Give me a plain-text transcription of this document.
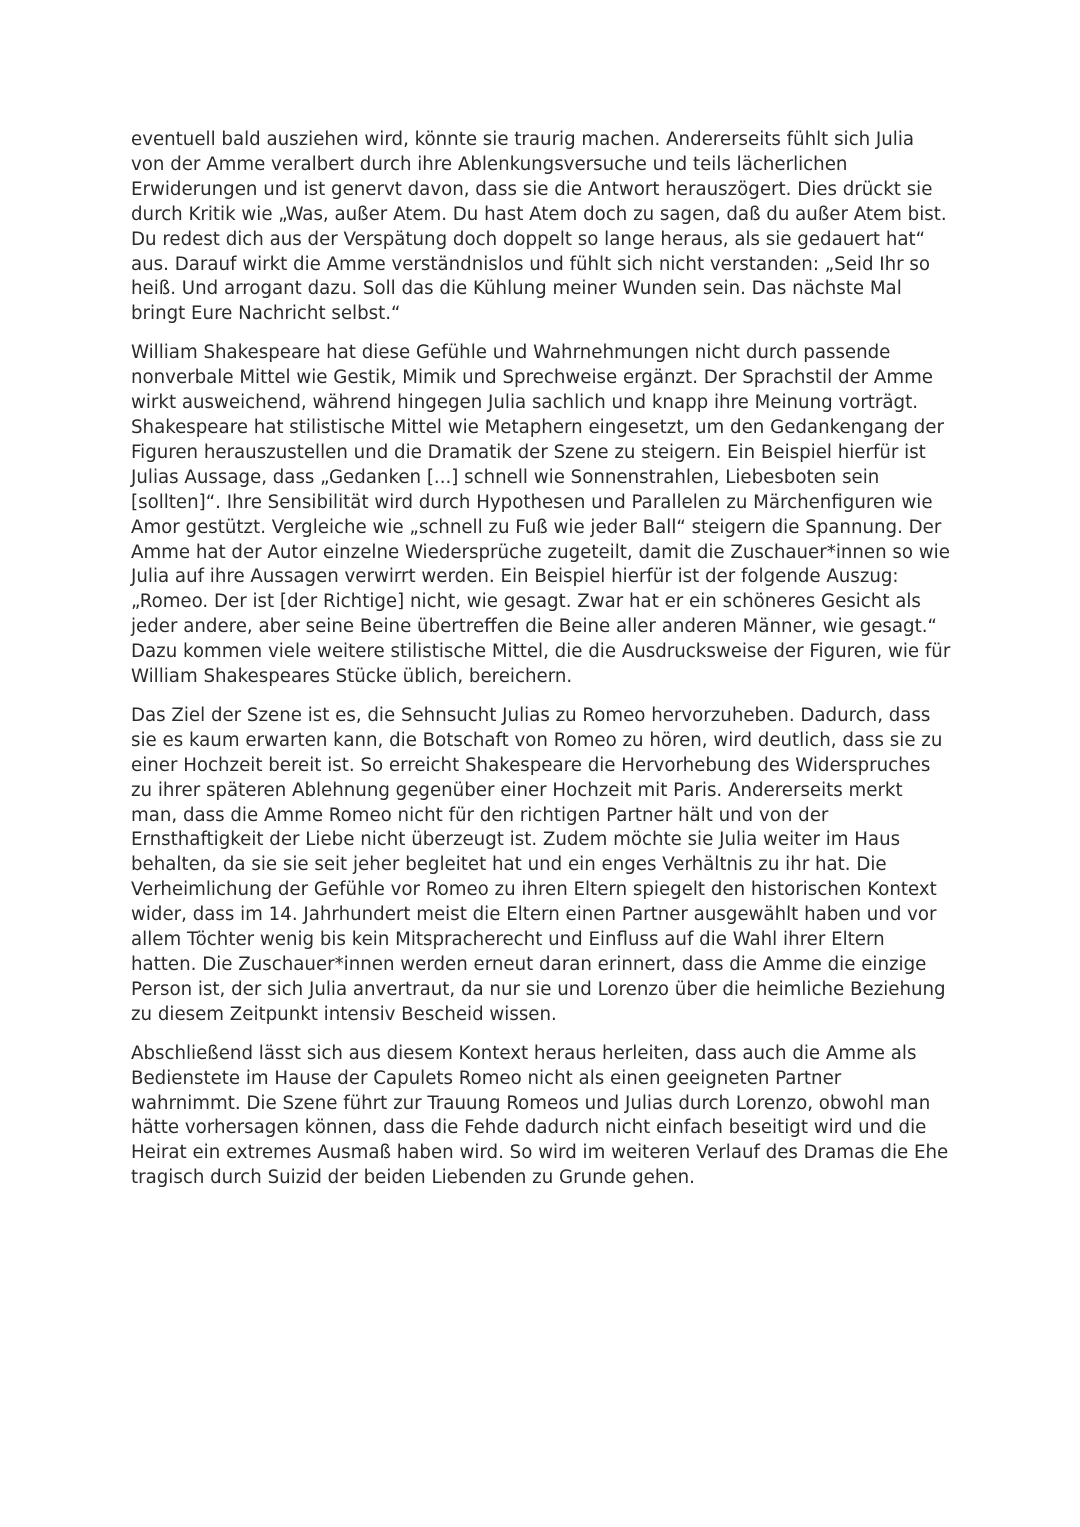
eventuell bald ausziehen wird, könnte sie traurig machen. Andererseits fühlt sich Julia von der Amme veralbert durch ihre Ablenkungsversuche und teils lächerlichen Erwiderungen und ist genervt davon, dass sie die Antwort herauszögert. Dies drückt sie durch Kritik wie „Was, außer Atem. Du hast Atem doch zu sagen, daß du außer Atem bist. Du redest dich aus der Verspätung doch doppelt so lange heraus, als sie gedauert hat“ aus. Darauf wirkt die Amme verständnislos und fühlt sich nicht verstanden: „Seid Ihr so heiß. Und arrogant dazu. Soll das die Kühlung meiner Wunden sein. Das nächste Mal bringt Eure Nachricht selbst.“

William Shakespeare hat diese Gefühle und Wahrnehmungen nicht durch passende nonverbale Mittel wie Gestik, Mimik und Sprechweise ergänzt. Der Sprachstil der Amme wirkt ausweichend, während hingegen Julia sachlich und knapp ihre Meinung vorträgt. Shakespeare hat stilistische Mittel wie Metaphern eingesetzt, um den Gedankengang der Figuren herauszustellen und die Dramatik der Szene zu steigern. Ein Beispiel hierfür ist Julias Aussage, dass „Gedanken [...] schnell wie Sonnenstrahlen, Liebesboten sein [sollten]“. Ihre Sensibilität wird durch Hypothesen und Parallelen zu Märchenfiguren wie Amor gestützt. Vergleiche wie „schnell zu Fuß wie jeder Ball“ steigern die Spannung. Der Amme hat der Autor einzelne Wiedersprüche zugeteilt, damit die Zuschauer*innen so wie Julia auf ihre Aussagen verwirrt werden. Ein Beispiel hierfür ist der folgende Auszug: „Romeo. Der ist [der Richtige] nicht, wie gesagt. Zwar hat er ein schöneres Gesicht als jeder andere, aber seine Beine übertreffen die Beine aller anderen Männer, wie gesagt.“ Dazu kommen viele weitere stilistische Mittel, die die Ausdrucksweise der Figuren, wie für William Shakespeares Stücke üblich, bereichern.

Das Ziel der Szene ist es, die Sehnsucht Julias zu Romeo hervorzuheben. Dadurch, dass sie es kaum erwarten kann, die Botschaft von Romeo zu hören, wird deutlich, dass sie zu einer Hochzeit bereit ist. So erreicht Shakespeare die Hervorhebung des Widerspruches zu ihrer späteren Ablehnung gegenüber einer Hochzeit mit Paris. Andererseits merkt man, dass die Amme Romeo nicht für den richtigen Partner hält und von der Ernsthaftigkeit der Liebe nicht überzeugt ist. Zudem möchte sie Julia weiter im Haus behalten, da sie sie seit jeher begleitet hat und ein enges Verhältnis zu ihr hat. Die Verheimlichung der Gefühle vor Romeo zu ihren Eltern spiegelt den historischen Kontext wider, dass im 14. Jahrhundert meist die Eltern einen Partner ausgewählt haben und vor allem Töchter wenig bis kein Mitspracherecht und Einfluss auf die Wahl ihrer Eltern hatten. Die Zuschauer*innen werden erneut daran erinnert, dass die Amme die einzige Person ist, der sich Julia anvertraut, da nur sie und Lorenzo über die heimliche Beziehung zu diesem Zeitpunkt intensiv Bescheid wissen.

Abschließend lässt sich aus diesem Kontext heraus herleiten, dass auch die Amme als Bedienstete im Hause der Capulets Romeo nicht als einen geeigneten Partner wahrnimmt. Die Szene führt zur Trauung Romeos und Julias durch Lorenzo, obwohl man hätte vorhersagen können, dass die Fehde dadurch nicht einfach beseitigt wird und die Heirat ein extremes Ausmaß haben wird. So wird im weiteren Verlauf des Dramas die Ehe tragisch durch Suizid der beiden Liebenden zu Grunde gehen.
